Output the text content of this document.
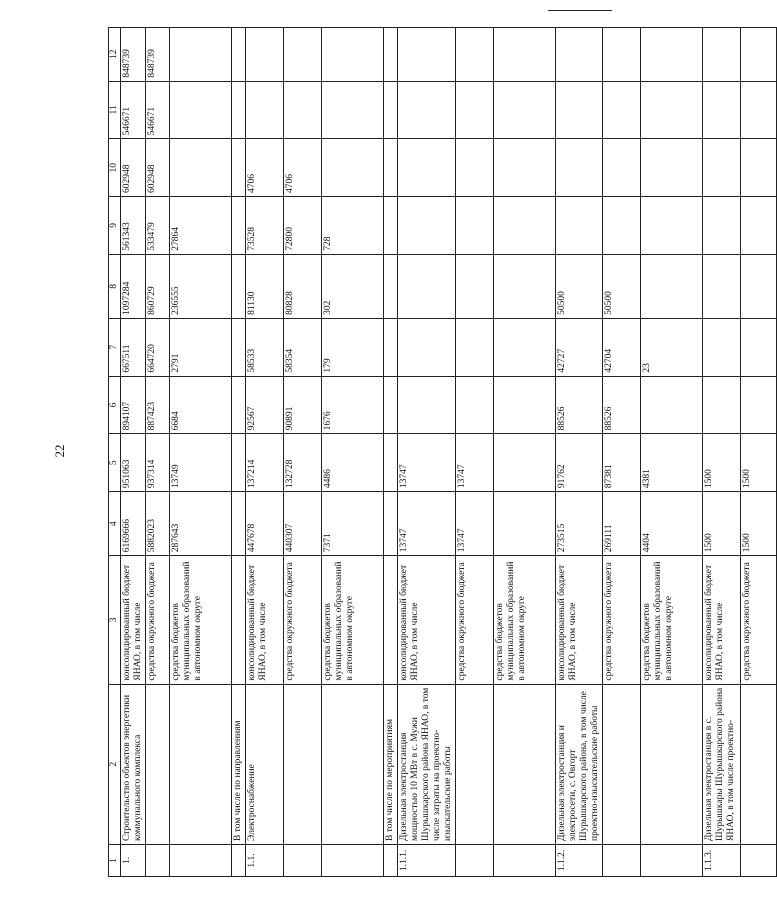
22
1	2	3	4	5	6	7	8	9	10	11	12
1.	Строительство объектов энергетики коммунального комплекса	консолидированный бюджет ЯНАО, в том числе	6169666	951063	894107	667511	1097284	561343	602948	546671	848739
		средства окружного бюджета	5882023	937314	887423	664720	860729	533479	602948	546671	848739
		средства бюджетов муниципальных образований в автономном округе	287643	13749	6684	2791	236555	27864			
	В том числе по направлениям										
1.1.	Электроснабжение	консолидированный бюджет ЯНАО, в том числе	447678	137214	92567	58533	81130	73528	4706		
		средства окружного бюджета	440307	132728	90891	58354	80828	72800	4706		
		средства бюджетов муниципальных образований в автономном округе	7371	4486	1676	179	302	728			
	В том числе по мероприятиям										
1.1.1.	Дизельная электростанция мощностью 10 МВт в с. Мужи Шурышкарского района ЯНАО, в том числе затраты на проектно-изыскательские работы	консолидированный бюджет ЯНАО, в том числе	13747	13747							
		средства окружного бюджета	13747	13747							
		средства бюджетов муниципальных образований в автономном округе									
1.1.2.	Дизельная электростанция и электросети, с. Овгорт Шурышкарского района, в том числе проектно-изыскательские работы	консолидированный бюджет ЯНАО, в том числе	273515	91762	88526	42727	50500				
		средства окружного бюджета	269111	87381	88526	42704	50500				
		средства бюджетов муниципальных образований в автономном округе	4404	4381		23					
1.1.3.	Дизельная электростанция в с. Шурышкары Шурышкарского района ЯНАО, в том числе проектно-	консолидированный бюджет ЯНАО, в том числе	1500	1500							
		средства окружного бюджета	1500	1500							
